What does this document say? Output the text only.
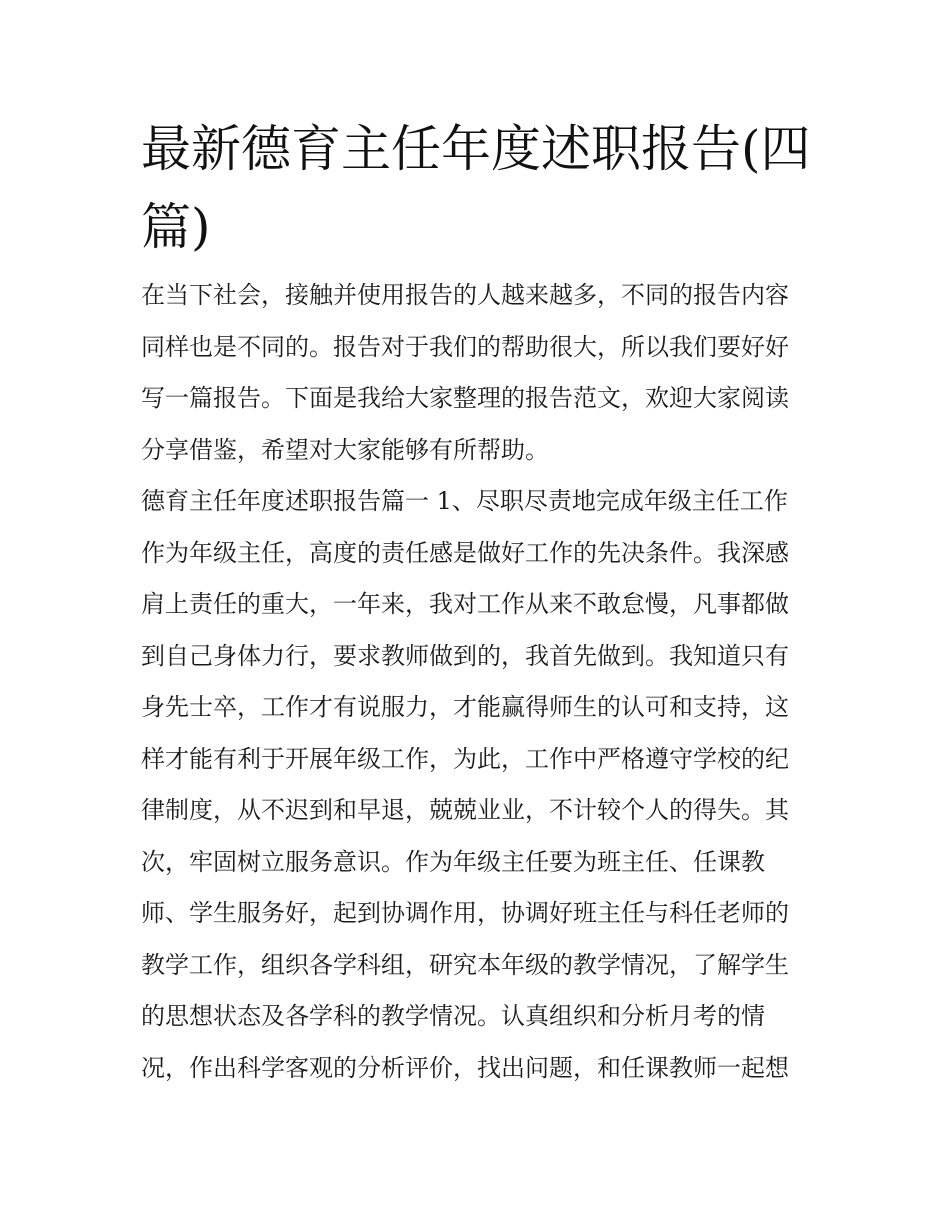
最新德育主任年度述职报告(四
篇)
在当下社会，接触并使用报告的人越来越多，不同的报告内容
同样也是不同的。报告对于我们的帮助很大，所以我们要好好
写一篇报告。下面是我给大家整理的报告范文，欢迎大家阅读
分享借鉴，希望对大家能够有所帮助。
德育主任年度述职报告篇一 1、尽职尽责地完成年级主任工作
作为年级主任，高度的责任感是做好工作的先决条件。我深感
肩上责任的重大，一年来，我对工作从来不敢怠慢，凡事都做
到自己身体力行，要求教师做到的，我首先做到。我知道只有
身先士卒，工作才有说服力，才能赢得师生的认可和支持，这
样才能有利于开展年级工作，为此，工作中严格遵守学校的纪
律制度，从不迟到和早退，兢兢业业，不计较个人的得失。其
次，牢固树立服务意识。作为年级主任要为班主任、任课教
师、学生服务好，起到协调作用，协调好班主任与科任老师的
教学工作，组织各学科组，研究本年级的教学情况，了解学生
的思想状态及各学科的教学情况。认真组织和分析月考的情
况，作出科学客观的分析评价，找出问题，和任课教师一起想
